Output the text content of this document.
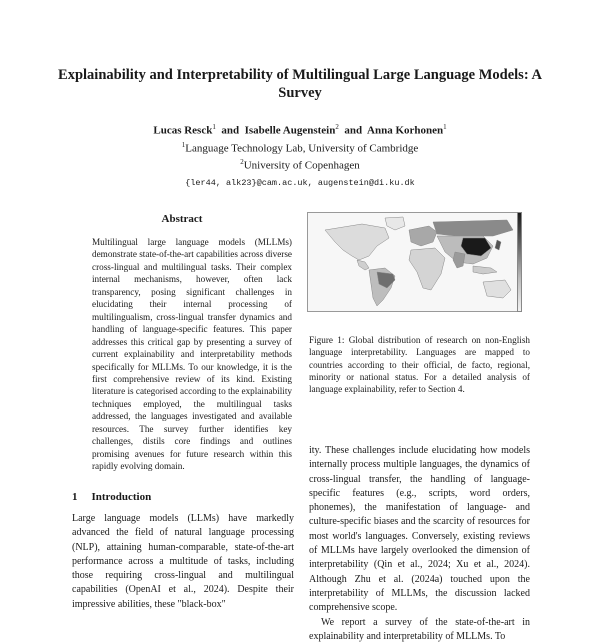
Explainability and Interpretability of Multilingual Large Language Models: A Survey
Lucas Resck$^1$ and Isabelle Augenstein$^2$ and Anna Korhonen$^1$
$^1$Language Technology Lab, University of Cambridge
$^2$University of Copenhagen
{ler44, alk23}@cam.ac.uk, augenstein@di.ku.dk
Abstract
Multilingual large language models (MLLMs) demonstrate state-of-the-art capabilities across diverse cross-lingual and multilingual tasks. Their complex internal mechanisms, however, often lack transparency, posing significant challenges in elucidating their internal processing of multilingualism, cross-lingual transfer dynamics and handling of language-specific features. This paper addresses this critical gap by presenting a survey of current explainability and interpretability methods specifically for MLLMs. To our knowledge, it is the first comprehensive review of its kind. Existing literature is categorised according to the explainability techniques employed, the multilingual tasks addressed, the languages investigated and available resources. The survey further identifies key challenges, distils core findings and outlines promising avenues for future research within this rapidly evolving domain.
1 Introduction
Large language models (LLMs) have markedly advanced the field of natural language processing (NLP), attaining human-comparable, state-of-the-art performance across a multitude of tasks, including those requiring cross-lingual and multilingual capabilities (OpenAI et al., 2024). Despite their impressive abilities, these "black-box"
Figure 1: Global distribution of research on non-English language interpretability. Languages are mapped to countries according to their official, de facto, regional, minority or national status. For a detailed analysis of language explainability, refer to Section 4.

ity. These challenges include elucidating how models internally process multiple languages, the dynamics of cross-lingual transfer, the handling of language-specific features (e.g., scripts, word orders, phonemes), the manifestation of language- and culture-specific biases and the scarcity of resources for most world's languages. Conversely, existing reviews of MLLMs have largely overlooked the dimension of interpretability (Qin et al., 2024; Xu et al., 2024). Although Zhu et al. (2024a) touched upon the interpretability of MLLMs, the discussion lacked comprehensive scope.

We report a survey of the state-of-the-art in explainability and interpretability of MLLMs. To
